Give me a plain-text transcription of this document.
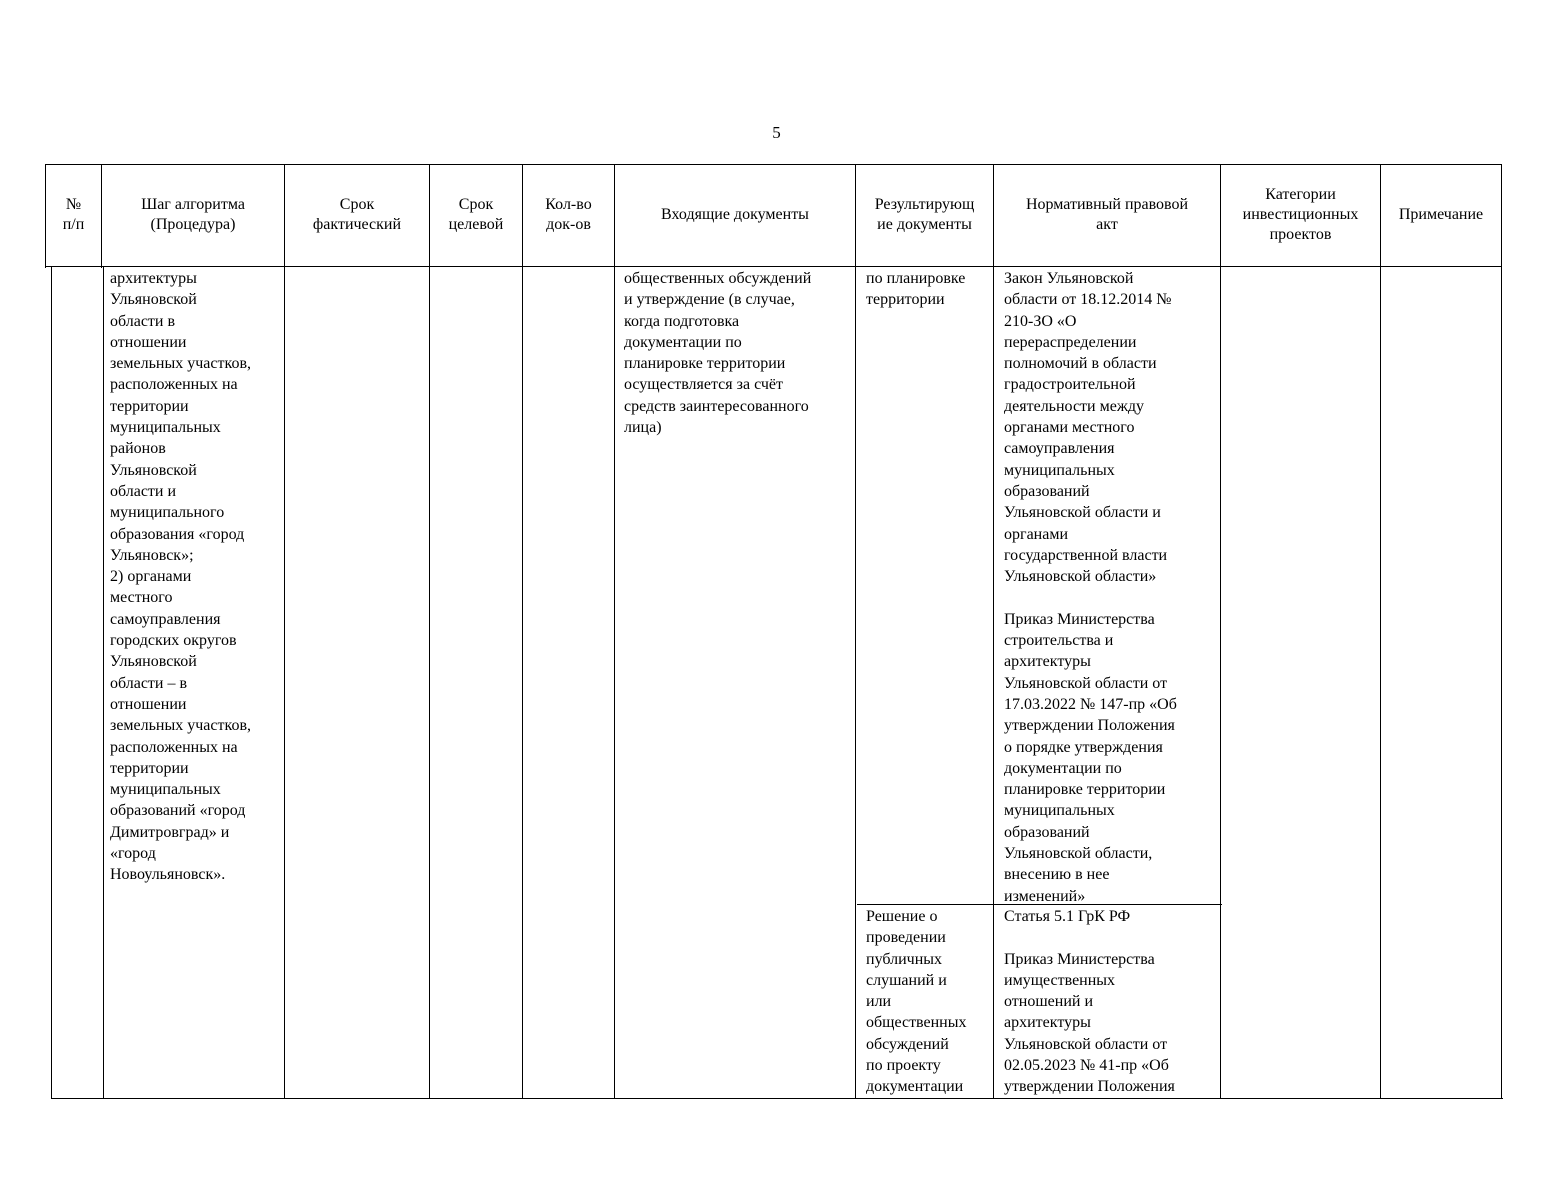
5
№
п/п
Шаг алгоритма
(Процедура)
Срок
фактический
Срок
целевой
Кол-во
док-ов
Входящие документы
Результирующ
ие документы
Нормативный правовой
акт
Категории
инвестиционных
проектов
Примечание
архитектуры
Ульяновской
области в
отношении
земельных участков,
расположенных на
территории
муниципальных
районов
Ульяновской
области и
муниципального
образования «город
Ульяновск»;
2) органами
местного
самоуправления
городских округов
Ульяновской
области – в
отношении
земельных участков,
расположенных на
территории
муниципальных
образований «город
Димитровград» и
«город
Новоульяновск».
общественных обсуждений
и утверждение (в случае,
когда подготовка
документации по
планировке территории
осуществляется за счёт
средств заинтересованного
лица)
по планировке
территории
Закон Ульяновской
области от 18.12.2014 №
210-ЗО «О
перераспределении
полномочий в области
градостроительной
деятельности между
органами местного
самоуправления
муниципальных
образований
Ульяновской области и
органами
государственной власти
Ульяновской области»

Приказ Министерства
строительства и
архитектуры
Ульяновской области от
17.03.2022 № 147-пр «Об
утверждении Положения
о порядке утверждения
документации по
планировке территории
муниципальных
образований
Ульяновской области,
внесению в нее
изменений»
Решение о
проведении
публичных
слушаний и
или
общественных
обсуждений
по проекту
документации
Статья 5.1 ГрК РФ

Приказ Министерства
имущественных
отношений и
архитектуры
Ульяновской области от
02.05.2023 № 41-пр «Об
утверждении Положения
